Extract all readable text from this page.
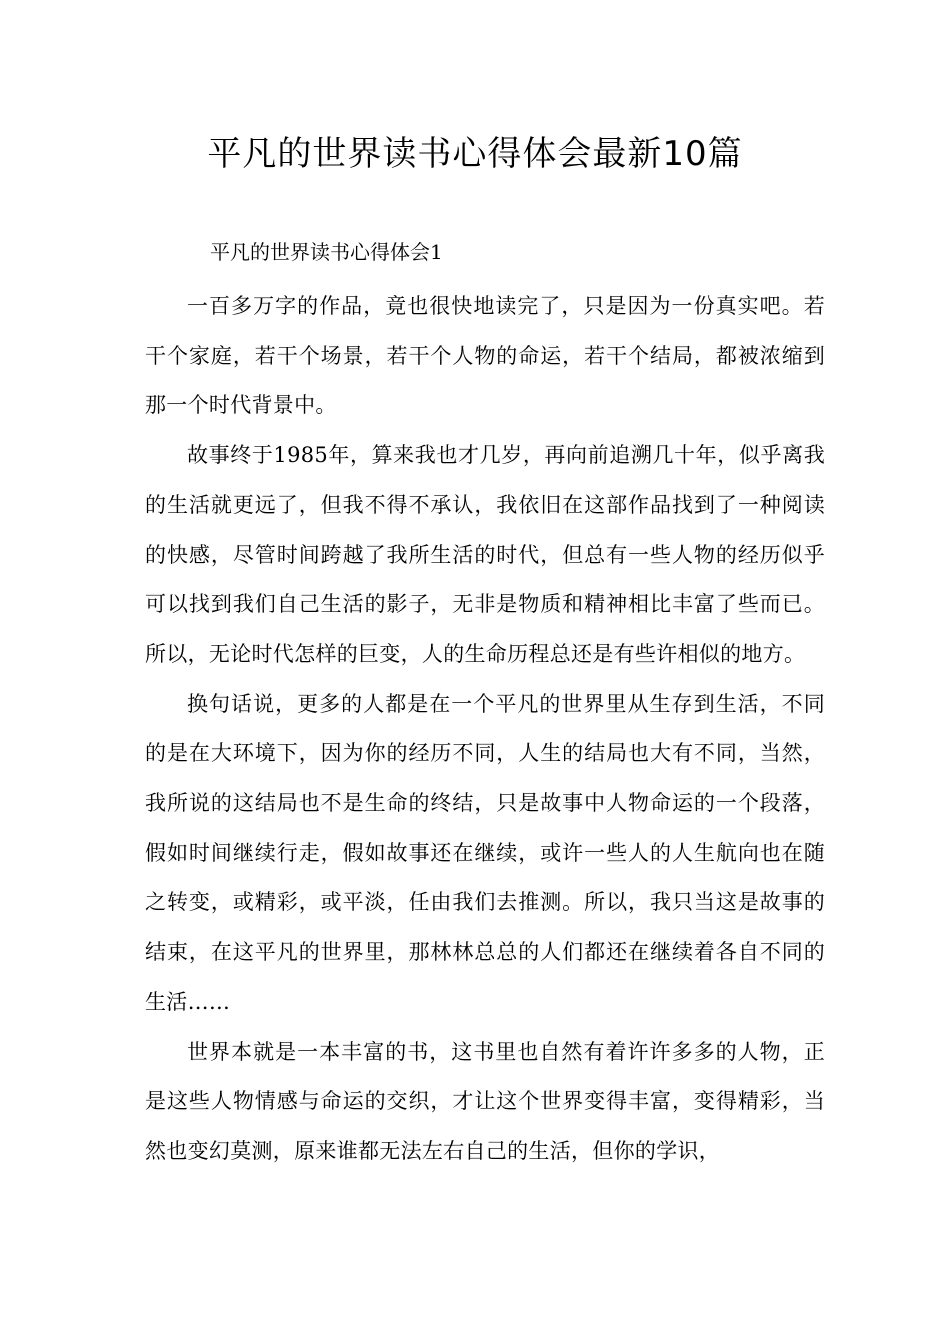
平凡的世界读书心得体会最新10篇
平凡的世界读书心得体会1

一百多万字的作品，竟也很快地读完了，只是因为一份真实吧。若干个家庭，若干个场景，若干个人物的命运，若干个结局，都被浓缩到那一个时代背景中。

故事终于1985年，算来我也才几岁，再向前追溯几十年，似乎离我的生活就更远了，但我不得不承认，我依旧在这部作品找到了一种阅读的快感，尽管时间跨越了我所生活的时代，但总有一些人物的经历似乎可以找到我们自己生活的影子，无非是物质和精神相比丰富了些而已。所以，无论时代怎样的巨变，人的生命历程总还是有些许相似的地方。

换句话说，更多的人都是在一个平凡的世界里从生存到生活，不同的是在大环境下，因为你的经历不同，人生的结局也大有不同，当然，我所说的这结局也不是生命的终结，只是故事中人物命运的一个段落，假如时间继续行走，假如故事还在继续，或许一些人的人生航向也在随之转变，或精彩，或平淡，任由我们去推测。所以，我只当这是故事的结束，在这平凡的世界里，那林林总总的人们都还在继续着各自不同的生活……

世界本就是一本丰富的书，这书里也自然有着许许多多的人物，正是这些人物情感与命运的交织，才让这个世界变得丰富，变得精彩，当然也变幻莫测，原来谁都无法左右自己的生活，但你的学识，
